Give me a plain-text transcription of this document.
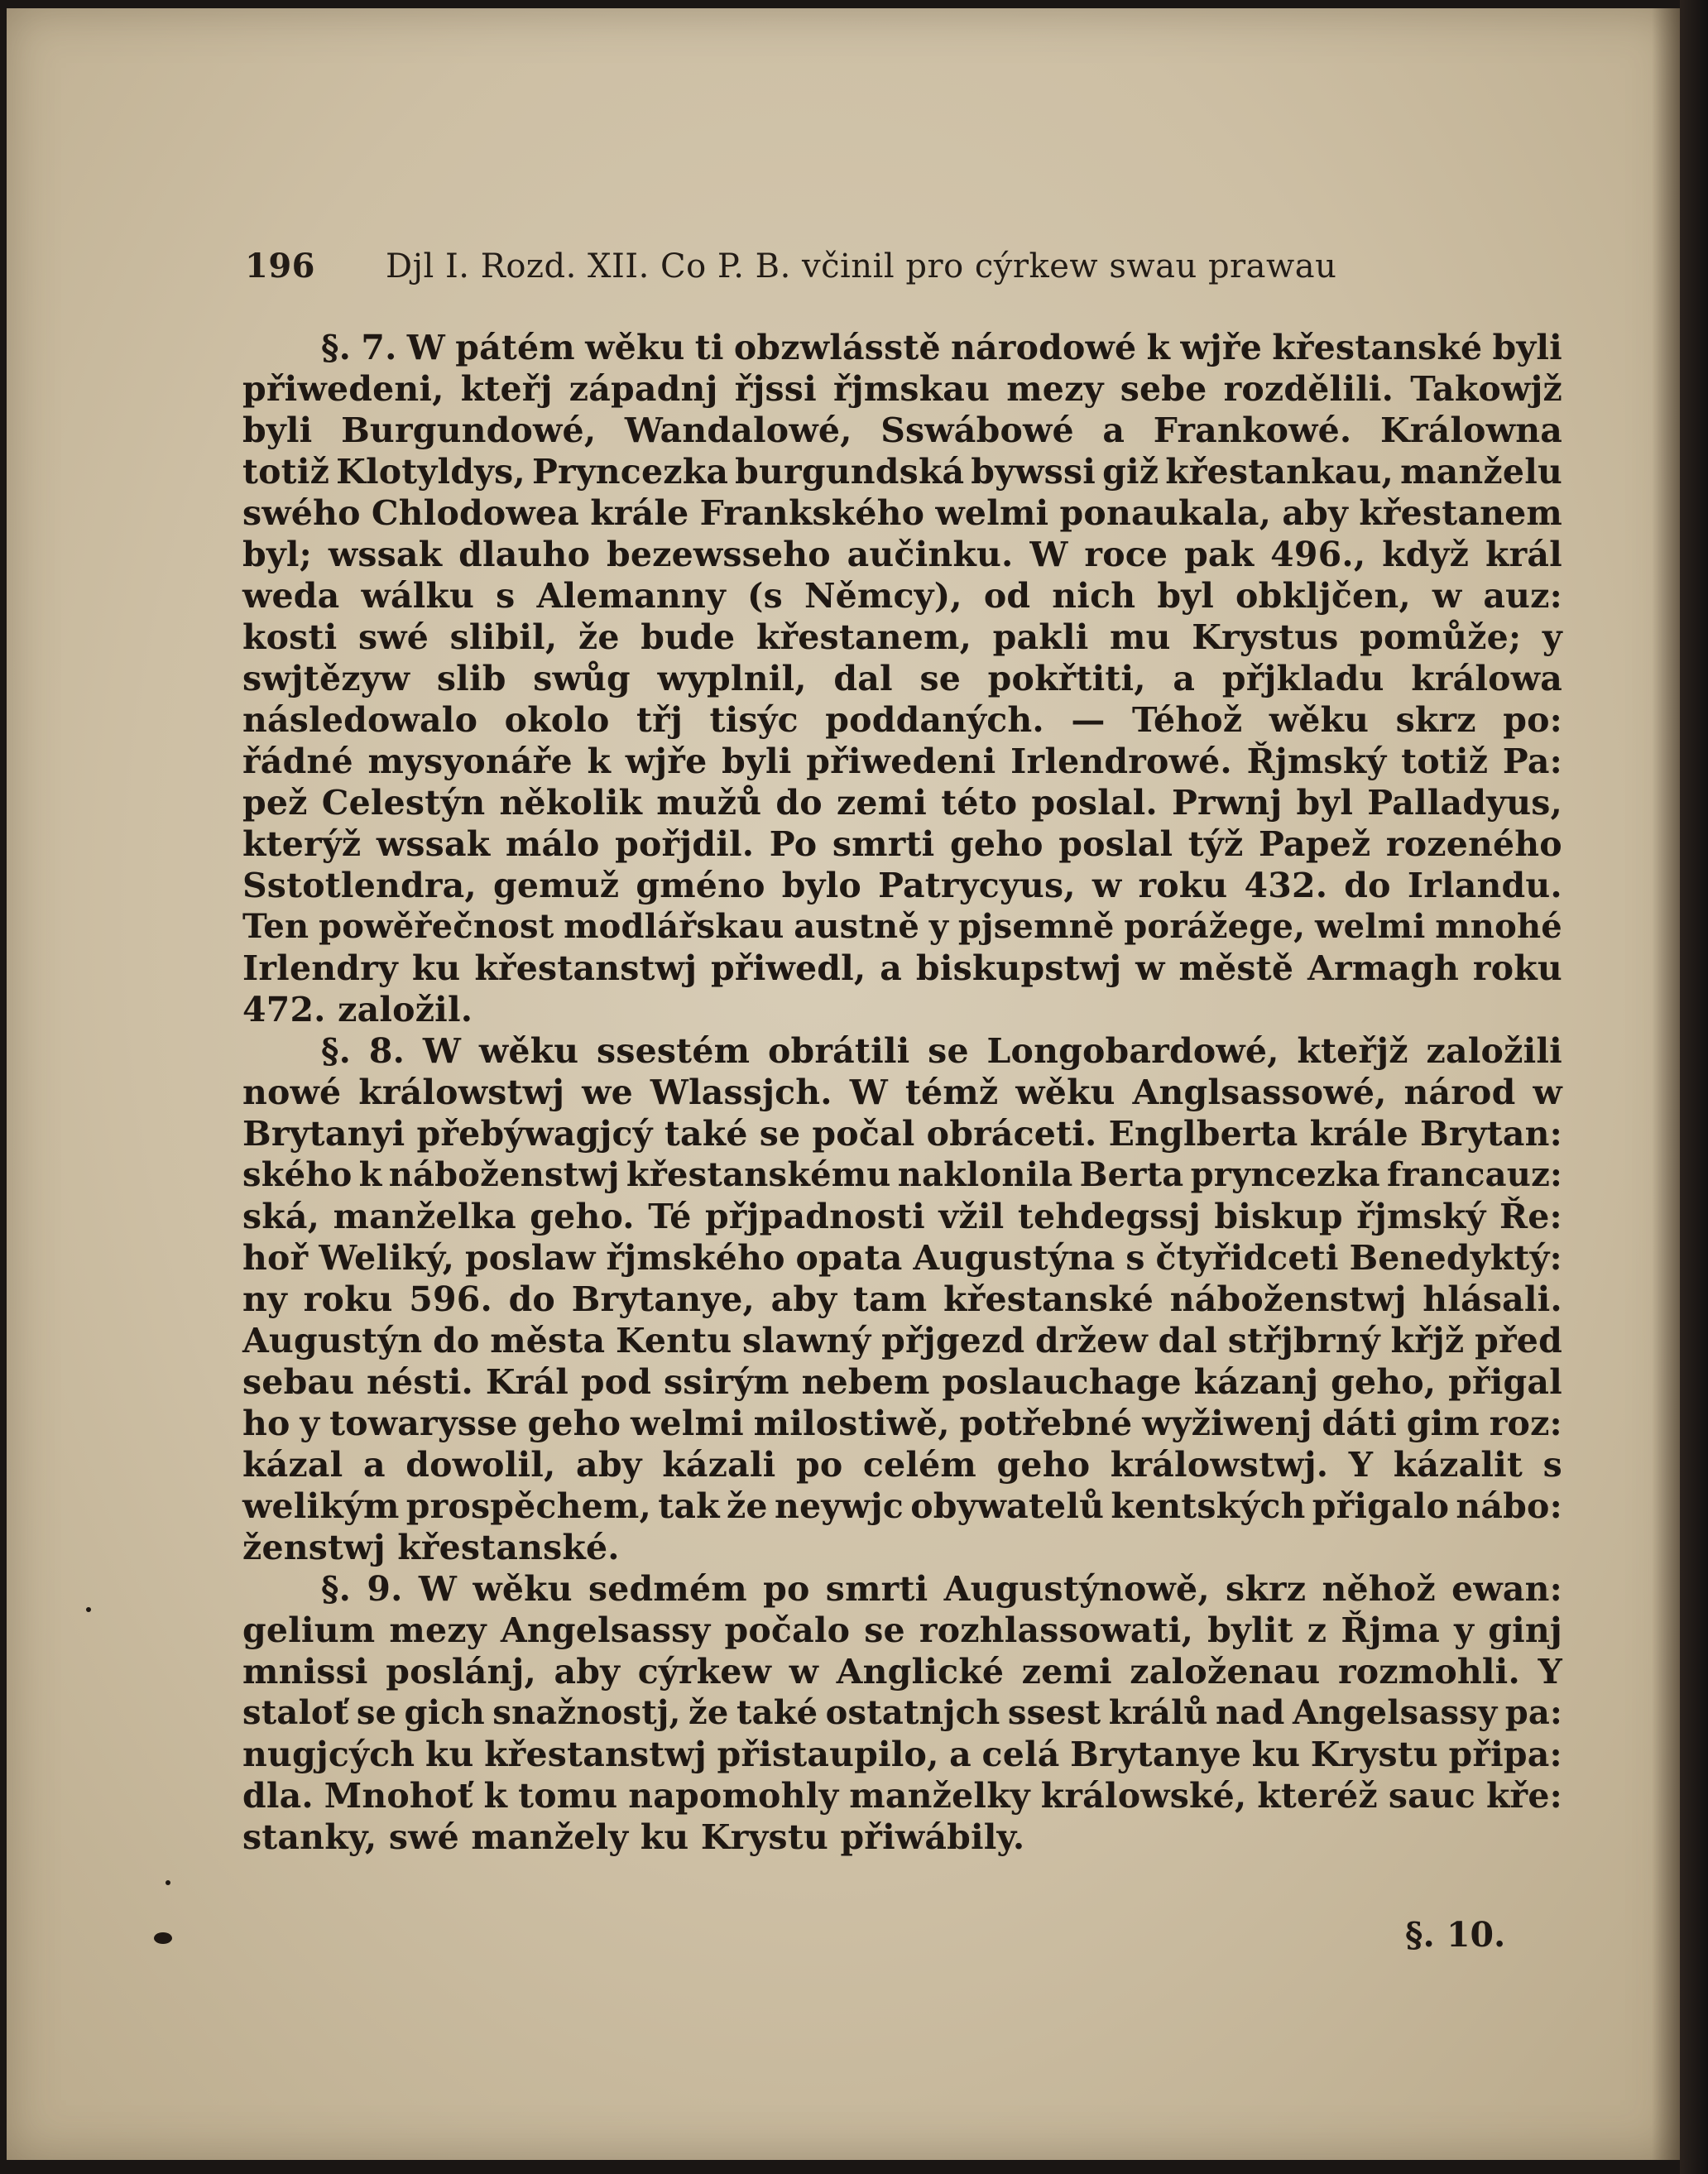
196 Djl I. Rozd. XII. Co P. B. včinil pro cýrkew swau prawau
§. 7. W pátém wěku ti obzwlásstě národowé k wjře křestanské byli
přiwedeni, kteřj západnj řjssi řjmskau mezy sebe rozdělili. Takowjž
byli Burgundowé, Wandalowé, Sswábowé a Frankowé. Králowna
totiž Klotyldys, Pryncezka burgundská bywssi giž křestankau, manželu
swého Chlodowea krále Frankského welmi ponaukala, aby křestanem
byl; wssak dlauho bezewsseho aučinku. W roce pak 496., když král
weda wálku s Alemanny (s Němcy), od nich byl obkljčen, w auz:
kosti swé slibil, že bude křestanem, pakli mu Krystus pomůže; y
swjtězyw slib swůg wyplnil, dal se pokřtiti, a přjkladu králowa
následowalo okolo třj tisýc poddaných. — Téhož wěku skrz po:
řádné mysyonáře k wjře byli přiwedeni Irlendrowé. Řjmský totiž Pa:
pež Celestýn několik mužů do zemi této poslal. Prwnj byl Palladyus,
kterýž wssak málo pořjdil. Po smrti geho poslal týž Papež rozeného
Sstotlendra, gemuž gméno bylo Patrycyus, w roku 432. do Irlandu.
Ten powěřečnost modlářskau austně y pjsemně porážege, welmi mnohé
Irlendry ku křestanstwj přiwedl, a biskupstwj w městě Armagh roku
472. založil.
§. 8. W wěku ssestém obrátili se Longobardowé, kteřjž založili
nowé králowstwj we Wlassjch. W témž wěku Anglsassowé, národ w
Brytanyi přebýwagjcý také se počal obráceti. Englberta krále Brytan:
ského k náboženstwj křestanskému naklonila Berta pryncezka francauz:
ská, manželka geho. Té přjpadnosti vžil tehdegssj biskup řjmský Ře:
hoř Weliký, poslaw řjmského opata Augustýna s čtyřidceti Benedyktý:
ny roku 596. do Brytanye, aby tam křestanské náboženstwj hlásali.
Augustýn do města Kentu slawný přjgezd držew dal střjbrný křjž před
sebau nésti. Král pod ssirým nebem poslauchage kázanj geho, přigal
ho y towarysse geho welmi milostiwě, potřebné wyžiwenj dáti gim roz:
kázal a dowolil, aby kázali po celém geho králowstwj. Y kázalit s
welikým prospěchem, tak že neywjc obywatelů kentských přigalo nábo:
ženstwj křestanské.
§. 9. W wěku sedmém po smrti Augustýnowě, skrz něhož ewan:
gelium mezy Angelsassy počalo se rozhlassowati, bylit z Řjma y ginj
mnissi poslánj, aby cýrkew w Anglické zemi založenau rozmohli. Y
staloť se gich snažnostj, že také ostatnjch ssest králů nad Angelsassy pa:
nugjcých ku křestanstwj přistaupilo, a celá Brytanye ku Krystu připa:
dla. Mnohoť k tomu napomohly manželky králowské, kteréž sauc kře:
stanky, swé manžely ku Krystu přiwábily.
§. 10.
